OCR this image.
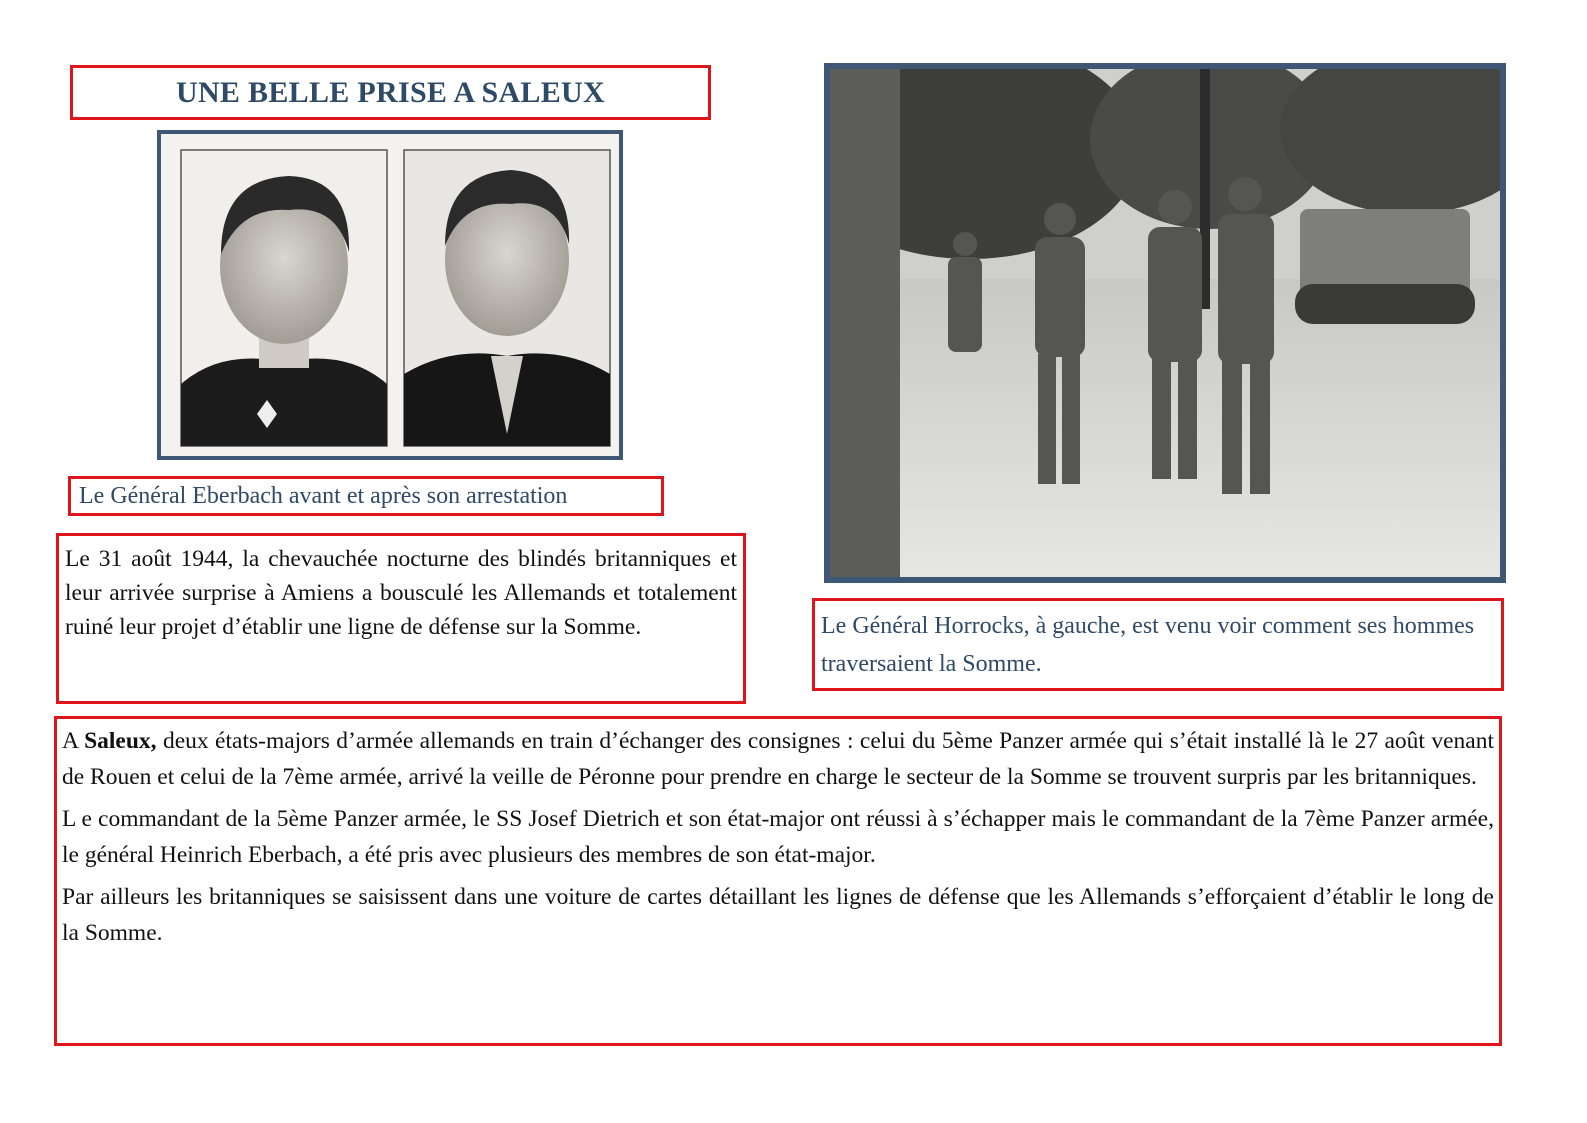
UNE BELLE PRISE A SALEUX
Le Général Eberbach avant et après son arrestation

Le 31 août 1944, la chevauchée nocturne des blindés britanniques et leur arrivée surprise à Amiens a bousculé les Allemands et totalement ruiné leur projet d’établir une ligne de défense sur la Somme.	Le Général Horrocks, à gauche, est venu voir comment ses hommes traversaient la Somme.

A Saleux, deux états-majors d’armée allemands en train d’échanger des consignes : celui du 5ème Panzer armée qui s’était installé là le 27 août venant de Rouen et celui de la 7ème armée, arrivé la veille de Péronne pour prendre en charge le secteur de la Somme se trouvent surpris par les britanniques.

L e commandant de la 5ème Panzer armée, le SS Josef Dietrich et son état-major ont réussi à s’échapper mais le commandant de la 7ème Panzer armée, le général Heinrich Eberbach, a été pris avec plusieurs des membres de son état-major.

Par ailleurs les britanniques se saisissent dans une voiture de cartes détaillant les lignes de défense que les Allemands s’efforçaient d’établir le long de la Somme.
